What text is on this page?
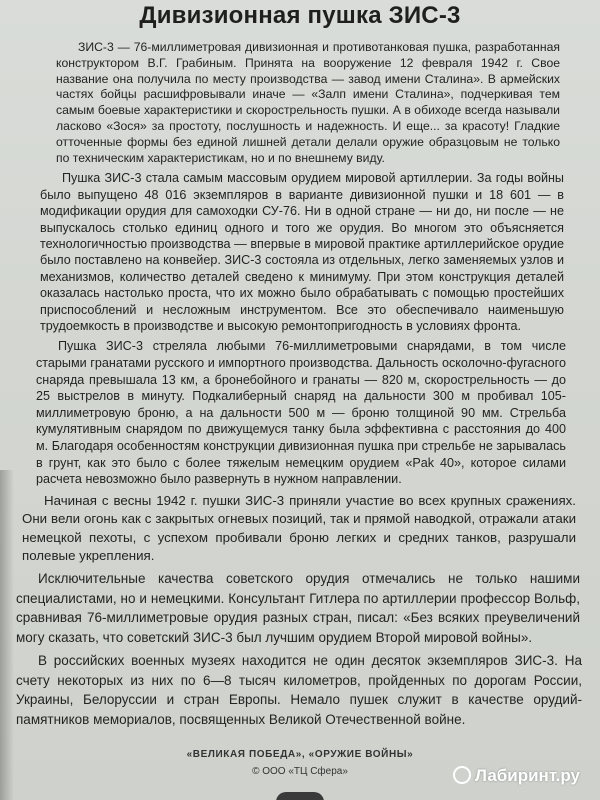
Дивизионная пушка ЗИС-3

ЗИС-3 — 76-миллиметровая дивизионная и противотанковая пушка, разработанная конструктором В.Г. Грабиным. Принята на вооружение 12 февраля 1942 г. Свое название она получила по месту производства — завод имени Сталина». В армейских частях бойцы расшифровывали иначе — «Залп имени Сталина», подчеркивая тем самым боевые характеристики и скорострельность пушки. А в обиходе всегда называли ласково «Зося» за простоту, послушность и надежность. И еще... за красоту! Гладкие отточенные формы без единой лишней детали делали оружие образцовым не только по техническим характеристикам, но и по внешнему виду.

Пушка ЗИС-3 стала самым массовым орудием мировой артиллерии. За годы войны было выпущено 48 016 экземпляров в варианте дивизионной пушки и 18 601 — в модификации орудия для самоходки СУ-76. Ни в одной стране — ни до, ни после — не выпускалось столько единиц одного и того же орудия. Во многом это объясняется технологичностью производства — впервые в мировой практике артиллерийское орудие было поставлено на конвейер. ЗИС-3 состояла из отдельных, легко заменяемых узлов и механизмов, количество деталей сведено к минимуму. При этом конструкция деталей оказалась настолько проста, что их можно было обрабатывать с помощью простейших приспособлений и несложным инструментом. Все это обеспечивало наименьшую трудоемкость в производстве и высокую ремонтопригодность в условиях фронта.

Пушка ЗИС-3 стреляла любыми 76-миллиметровыми снарядами, в том числе старыми гранатами русского и импортного производства. Дальность осколочно-фугасного снаряда превышала 13 км, а бронебойного и гранаты — 820 м, скорострельность — до 25 выстрелов в минуту. Подкалиберный снаряд на дальности 300 м пробивал 105-миллиметровую броню, а на дальности 500 м — броню толщиной 90 мм. Стрельба кумулятивным снарядом по движущемуся танку была эффективна с расстояния до 400 м. Благодаря особенностям конструкции дивизионная пушка при стрельбе не зарывалась в грунт, как это было с более тяжелым немецким орудием «Pak 40», которое силами расчета невозможно было развернуть в нужном направлении.

Начиная с весны 1942 г. пушки ЗИС-3 приняли участие во всех крупных сражениях. Они вели огонь как с закрытых огневых позиций, так и прямой наводкой, отражали атаки немецкой пехоты, с успехом пробивали броню легких и средних танков, разрушали полевые укрепления.

Исключительные качества советского орудия отмечались не только нашими специалистами, но и немецкими. Консультант Гитлера по артиллерии профессор Вольф, сравнивая 76-миллиметровые орудия разных стран, писал: «Без всяких преувеличений могу сказать, что советский ЗИС-3 был лучшим орудием Второй мировой войны».

В российских военных музеях находится не один десяток экземпляров ЗИС-3. На счету некоторых из них по 6—8 тысяч километров, пройденных по дорогам России, Украины, Белоруссии и стран Европы. Немало пушек служит в качестве орудий-памятников мемориалов, посвященных Великой Отечественной войне.

«ВЕЛИКАЯ ПОБЕДА», «ОРУЖИЕ ВОЙНЫ»
© ООО «ТЦ Сфера»	Лабиринт.ру
